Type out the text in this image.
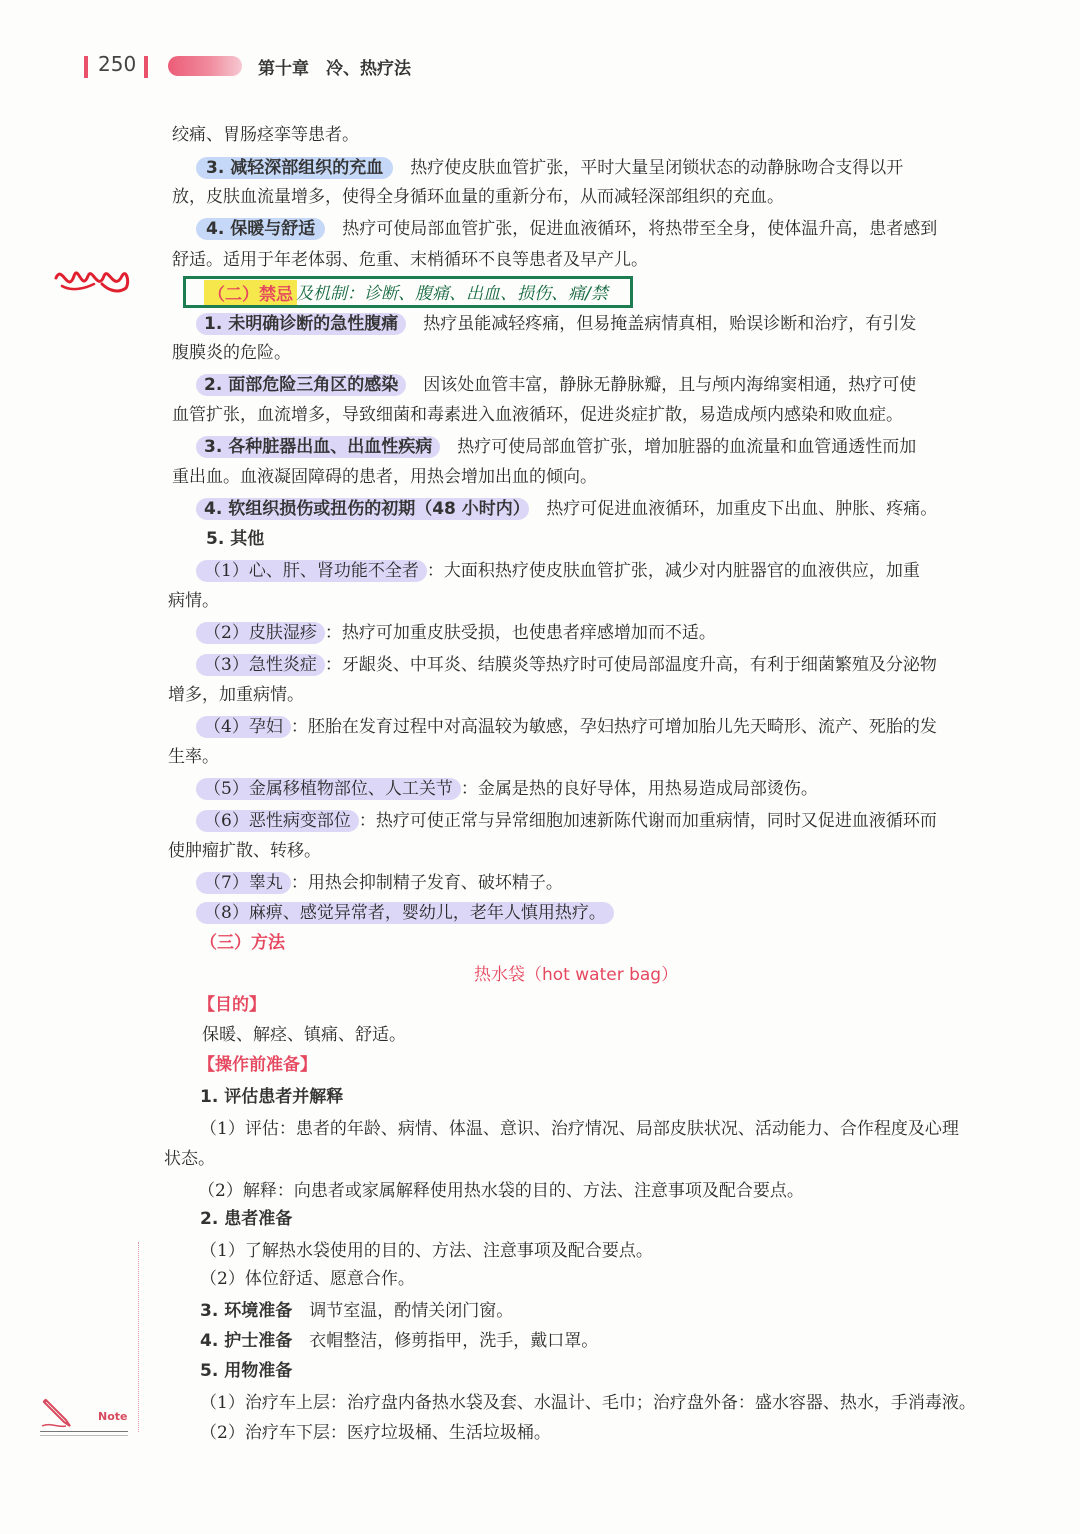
250	第十章　冷、热疗法
绞痛、胃肠痉挛等患者。
3. 减轻深部组织的充血　 热疗使皮肤血管扩张，平时大量呈闭锁状态的动静脉吻合支得以开
放，皮肤血流量增多，使得全身循环血量的重新分布，从而减轻深部组织的充血。
4. 保暖与舒适　 热疗可使局部血管扩张，促进血液循环，将热带至全身，使体温升高，患者感到
舒适。适用于年老体弱、危重、末梢循环不良等患者及早产儿。
（二）禁忌 及机制：诊断、腹痛、出血、损伤、痛/禁
1. 未明确诊断的急性腹痛　 热疗虽能减轻疼痛，但易掩盖病情真相，贻误诊断和治疗，有引发
腹膜炎的危险。
2. 面部危险三角区的感染　 因该处血管丰富，静脉无静脉瓣，且与颅内海绵窦相通，热疗可使
血管扩张，血流增多，导致细菌和毒素进入血液循环，促进炎症扩散，易造成颅内感染和败血症。
3. 各种脏器出血、出血性疾病　 热疗可使局部血管扩张，增加脏器的血流量和血管通透性而加
重出血。血液凝固障碍的患者，用热会增加出血的倾向。
4. 软组织损伤或扭伤的初期（48 小时内）　 热疗可促进血液循环，加重皮下出血、肿胀、疼痛。
5. 其他
（1）心、肝、肾功能不全者 ：大面积热疗使皮肤血管扩张，减少对内脏器官的血液供应，加重
病情。
（2）皮肤湿疹 ：热疗可加重皮肤受损，也使患者痒感增加而不适。
（3）急性炎症 ：牙龈炎、中耳炎、结膜炎等热疗时可使局部温度升高，有利于细菌繁殖及分泌物
增多，加重病情。
（4）孕妇 ：胚胎在发育过程中对高温较为敏感，孕妇热疗可增加胎儿先天畸形、流产、死胎的发
生率。
（5）金属移植物部位、人工关节 ：金属是热的良好导体，用热易造成局部烫伤。
（6）恶性病变部位 ：热疗可使正常与异常细胞加速新陈代谢而加重病情，同时又促进血液循环而
使肿瘤扩散、转移。
（7）睾丸 ：用热会抑制精子发育、破坏精子。
（8）麻痹、感觉异常者，婴幼儿，老年人慎用热疗。
（三）方法
热水袋（hot water bag）
【目的】
保暖、解痉、镇痛、舒适。
【操作前准备】
1. 评估患者并解释
（1）评估：患者的年龄、病情、体温、意识、治疗情况、局部皮肤状况、活动能力、合作程度及心理
状态。
（2）解释：向患者或家属解释使用热水袋的目的、方法、注意事项及配合要点。
2. 患者准备
（1）了解热水袋使用的目的、方法、注意事项及配合要点。
（2）体位舒适、愿意合作。
3. 环境准备　 调节室温，酌情关闭门窗。
4. 护士准备　 衣帽整洁，修剪指甲，洗手，戴口罩。
5. 用物准备
（1）治疗车上层：治疗盘内备热水袋及套、水温计、毛巾；治疗盘外备：盛水容器、热水，手消毒液。
（2）治疗车下层：医疗垃圾桶、生活垃圾桶。
Note
